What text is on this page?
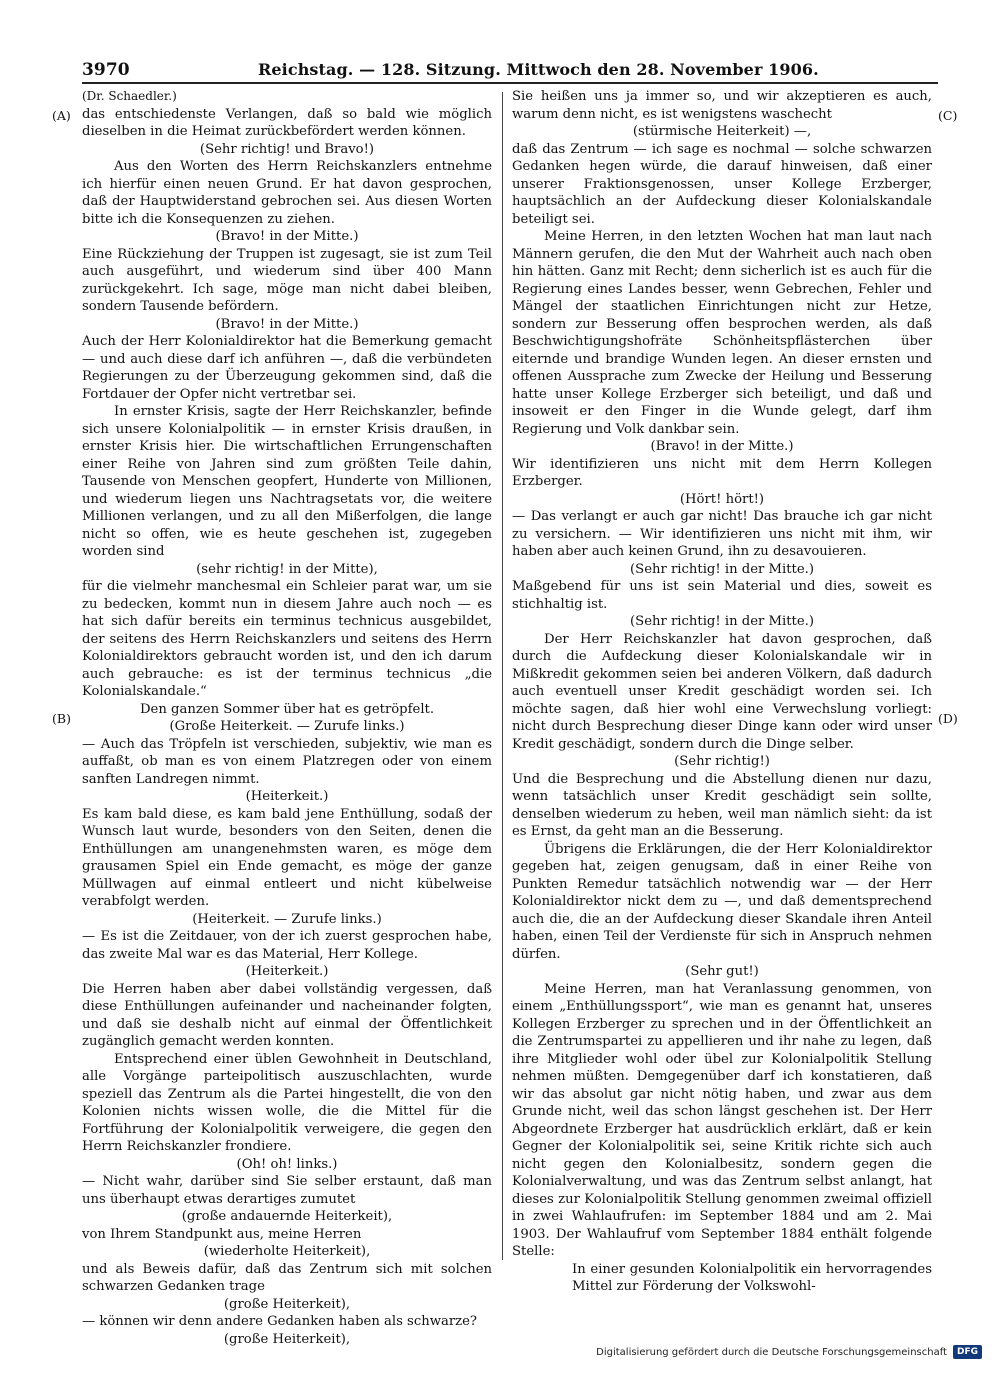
3970	Reichstag. — 128. Sitzung. Mittwoch den 28. November 1906.
(A)
(B)
(C)
(D)

(Dr. Schaedler.)

das entschiedenste Verlangen, daß so bald wie möglich dieselben in die Heimat zurückbefördert werden können.

(Sehr richtig! und Bravo!)

Aus den Worten des Herrn Reichskanzlers entnehme ich hierfür einen neuen Grund. Er hat davon gesprochen, daß der Hauptwiderstand gebrochen sei. Aus diesen Worten bitte ich die Konsequenzen zu ziehen.

(Bravo! in der Mitte.)

Eine Rückziehung der Truppen ist zugesagt, sie ist zum Teil auch ausgeführt, und wiederum sind über 400 Mann zurückgekehrt. Ich sage, möge man nicht dabei bleiben, sondern Tausende befördern.

(Bravo! in der Mitte.)

Auch der Herr Kolonialdirektor hat die Bemerkung gemacht — und auch diese darf ich anführen —, daß die verbündeten Regierungen zu der Überzeugung gekommen sind, daß die Fortdauer der Opfer nicht vertretbar sei.

In ernster Krisis, sagte der Herr Reichskanzler, befinde sich unsere Kolonialpolitik — in ernster Krisis draußen, in ernster Krisis hier. Die wirtschaftlichen Errungenschaften einer Reihe von Jahren sind zum größten Teile dahin, Tausende von Menschen geopfert, Hunderte von Millionen, und wiederum liegen uns Nachtragsetats vor, die weitere Millionen verlangen, und zu all den Mißerfolgen, die lange nicht so offen, wie es heute geschehen ist, zugegeben worden sind

(sehr richtig! in der Mitte),

für die vielmehr manchesmal ein Schleier parat war, um sie zu bedecken, kommt nun in diesem Jahre auch noch — es hat sich dafür bereits ein terminus technicus ausgebildet, der seitens des Herrn Reichskanzlers und seitens des Herrn Kolonialdirektors gebraucht worden ist, und den ich darum auch gebrauche: es ist der terminus technicus „die Kolonialskandale.“

Den ganzen Sommer über hat es getröpfelt.

(Große Heiterkeit. — Zurufe links.)

— Auch das Tröpfeln ist verschieden, subjektiv, wie man es auffaßt, ob man es von einem Platzregen oder von einem sanften Landregen nimmt.

(Heiterkeit.)

Es kam bald diese, es kam bald jene Enthüllung, sodaß der Wunsch laut wurde, besonders von den Seiten, denen die Enthüllungen am unangenehmsten waren, es möge dem grausamen Spiel ein Ende gemacht, es möge der ganze Müllwagen auf einmal entleert und nicht kübelweise verabfolgt werden.

(Heiterkeit. — Zurufe links.)

— Es ist die Zeitdauer, von der ich zuerst gesprochen habe, das zweite Mal war es das Material, Herr Kollege.

(Heiterkeit.)

Die Herren haben aber dabei vollständig vergessen, daß diese Enthüllungen aufeinander und nacheinander folgten, und daß sie deshalb nicht auf einmal der Öffentlichkeit zugänglich gemacht werden konnten.

Entsprechend einer üblen Gewohnheit in Deutschland, alle Vorgänge parteipolitisch auszuschlachten, wurde speziell das Zentrum als die Partei hingestellt, die von den Kolonien nichts wissen wolle, die die Mittel für die Fortführung der Kolonialpolitik verweigere, die gegen den Herrn Reichskanzler frondiere.

(Oh! oh! links.)

— Nicht wahr, darüber sind Sie selber erstaunt, daß man uns überhaupt etwas derartiges zumutet

(große andauernde Heiterkeit),

von Ihrem Standpunkt aus, meine Herren

(wiederholte Heiterkeit),

und als Beweis dafür, daß das Zentrum sich mit solchen schwarzen Gedanken trage

(große Heiterkeit),

— können wir denn andere Gedanken haben als schwarze?

(große Heiterkeit),

Sie heißen uns ja immer so, und wir akzeptieren es auch, warum denn nicht, es ist wenigstens waschecht

(stürmische Heiterkeit) —,

daß das Zentrum — ich sage es nochmal — solche schwarzen Gedanken hegen würde, die darauf hinweisen, daß einer unserer Fraktionsgenossen, unser Kollege Erzberger, hauptsächlich an der Aufdeckung dieser Kolonialskandale beteiligt sei.

Meine Herren, in den letzten Wochen hat man laut nach Männern gerufen, die den Mut der Wahrheit auch nach oben hin hätten. Ganz mit Recht; denn sicherlich ist es auch für die Regierung eines Landes besser, wenn Gebrechen, Fehler und Mängel der staatlichen Einrichtungen nicht zur Hetze, sondern zur Besserung offen besprochen werden, als daß Beschwichtigungshofräte Schönheitspflästerchen über eiternde und brandige Wunden legen. An dieser ernsten und offenen Aussprache zum Zwecke der Heilung und Besserung hatte unser Kollege Erzberger sich beteiligt, und daß und insoweit er den Finger in die Wunde gelegt, darf ihm Regierung und Volk dankbar sein.

(Bravo! in der Mitte.)

Wir identifizieren uns nicht mit dem Herrn Kollegen Erzberger.

(Hört! hört!)

— Das verlangt er auch gar nicht! Das brauche ich gar nicht zu versichern. — Wir identifizieren uns nicht mit ihm, wir haben aber auch keinen Grund, ihn zu desavouieren.

(Sehr richtig! in der Mitte.)

Maßgebend für uns ist sein Material und dies, soweit es stichhaltig ist.

(Sehr richtig! in der Mitte.)

Der Herr Reichskanzler hat davon gesprochen, daß durch die Aufdeckung dieser Kolonialskandale wir in Mißkredit gekommen seien bei anderen Völkern, daß dadurch auch eventuell unser Kredit geschädigt worden sei. Ich möchte sagen, daß hier wohl eine Verwechslung vorliegt: nicht durch Besprechung dieser Dinge kann oder wird unser Kredit geschädigt, sondern durch die Dinge selber.

(Sehr richtig!)

Und die Besprechung und die Abstellung dienen nur dazu, wenn tatsächlich unser Kredit geschädigt sein sollte, denselben wiederum zu heben, weil man nämlich sieht: da ist es Ernst, da geht man an die Besserung.

Übrigens die Erklärungen, die der Herr Kolonialdirektor gegeben hat, zeigen genugsam, daß in einer Reihe von Punkten Remedur tatsächlich notwendig war — der Herr Kolonialdirektor nickt dem zu —, und daß dementsprechend auch die, die an der Aufdeckung dieser Skandale ihren Anteil haben, einen Teil der Verdienste für sich in Anspruch nehmen dürfen.

(Sehr gut!)

Meine Herren, man hat Veranlassung genommen, von einem „Enthüllungssport“, wie man es genannt hat, unseres Kollegen Erzberger zu sprechen und in der Öffentlichkeit an die Zentrumspartei zu appellieren und ihr nahe zu legen, daß ihre Mitglieder wohl oder übel zur Kolonialpolitik Stellung nehmen müßten. Demgegenüber darf ich konstatieren, daß wir das absolut gar nicht nötig haben, und zwar aus dem Grunde nicht, weil das schon längst geschehen ist. Der Herr Abgeordnete Erzberger hat ausdrücklich erklärt, daß er kein Gegner der Kolonialpolitik sei, seine Kritik richte sich auch nicht gegen den Kolonialbesitz, sondern gegen die Kolonialverwaltung, und was das Zentrum selbst anlangt, hat dieses zur Kolonialpolitik Stellung genommen zweimal offiziell in zwei Wahlaufrufen: im September 1884 und am 2. Mai 1903. Der Wahlaufruf vom September 1884 enthält folgende Stelle:

In einer gesunden Kolonialpolitik ein hervorragendes Mittel zur Förderung der Volkswohl-

Digitalisierung gefördert durch die Deutsche Forschungsgemeinschaft	DFG
